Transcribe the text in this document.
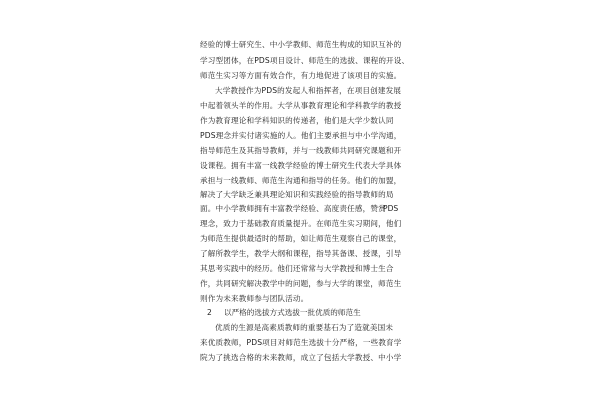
经验的博士研究生、中小学教师、师范生构成的知识互补的
学习型团体，在PDS项目设计、师范生的选拔、课程的开设、
师范生实习等方面有效合作，有力地促进了该项目的实施。
大学教授作为PDS的发起人和指挥者，在项目创建发展
中起着领头羊的作用。大学从事教育理论和学科教学的教授
作为教育理论和学科知识的传递者，他们是大学少数认同
PDS理念并实付诸实施的人。他们主要承担与中小学沟通，
指导师范生及其指导教师，并与一线教师共同研究课题和开
设课程。拥有丰富一线教学经验的博士研究生代表大学具体
承担与一线教师、师范生沟通和指导的任务。他们的加盟，
解决了大学缺乏兼具理论知识和实践经验的指导教师的局
面。中小学教师拥有丰富教学经验、高度责任感，赞赏
PDS
理念，致力于基础教育质量提升。在师范生实习期间，他们
为师范生提供最适时的帮助，如让师范生观察自己的课堂，
了解所教学生，教学大纲和课程，指导其备课、授课，引导
其思考实践中的经历。他们还常常与大学教授和博士生合
作，共同研究解决教学中的问题，参与大学的课堂，师范生
则作为未来教师参与团队活动。
2 以严格的选拔方式选拔一批优质的师范生
优质的生源是高素质教师的重要基石为了造就美国未
来优质教师，PDS项目对师范生选拔十分严格，一些教育学
院为了挑选合格的未来教师，成立了包括大学教授、中小学
